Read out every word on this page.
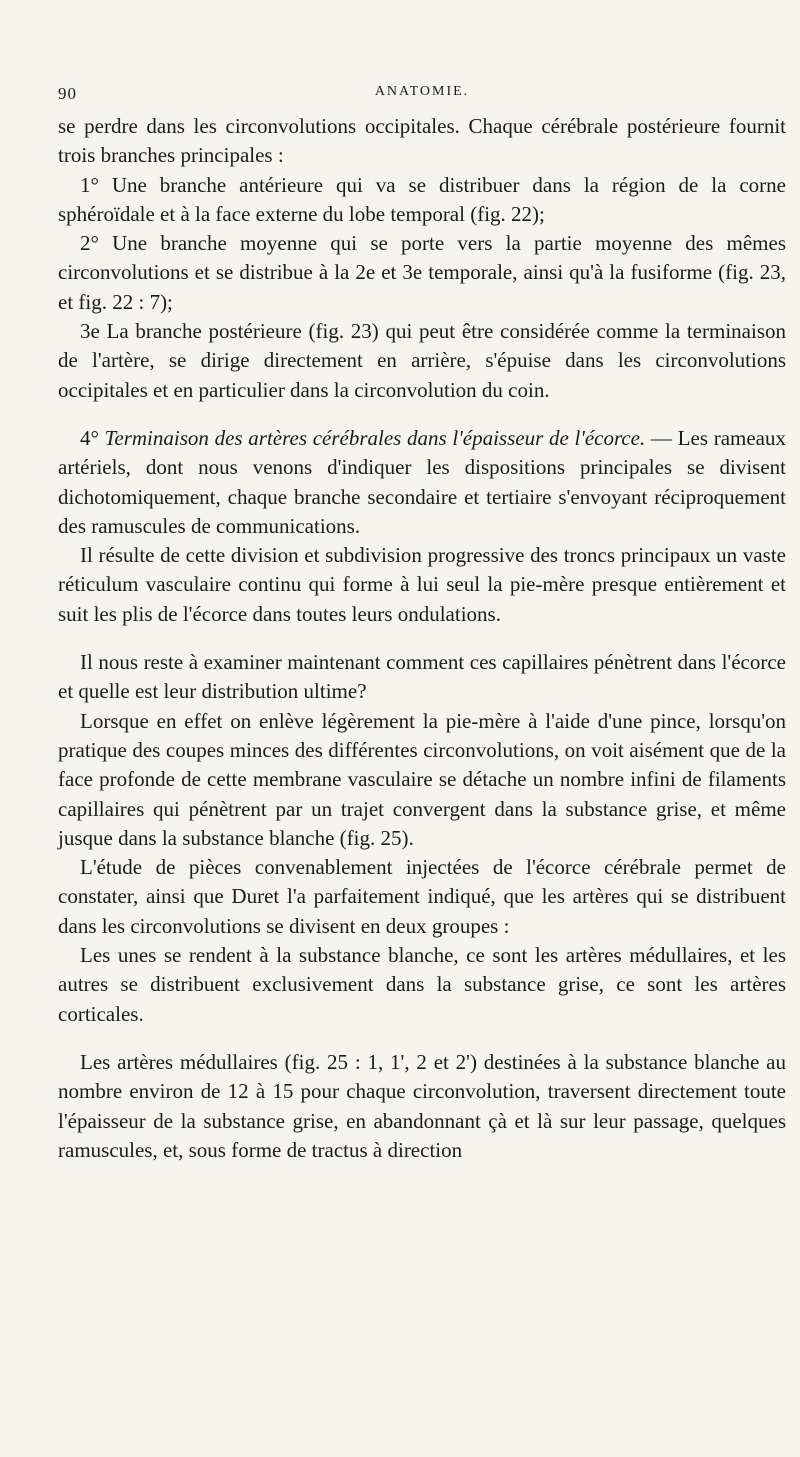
90	ANATOMIE.

se perdre dans les circonvolutions occipitales. Chaque cérébrale postérieure fournit trois branches principales :

1° Une branche antérieure qui va se distribuer dans la région de la corne sphéroïdale et à la face externe du lobe temporal (fig. 22);

2° Une branche moyenne qui se porte vers la partie moyenne des mêmes circonvolutions et se distribue à la 2e et 3e temporale, ainsi qu'à la fusiforme (fig. 23, et fig. 22 : 7);

3e La branche postérieure (fig. 23) qui peut être considérée comme la terminaison de l'artère, se dirige directement en arrière, s'épuise dans les circonvolutions occipitales et en particulier dans la circonvolution du coin.

4° Terminaison des artères cérébrales dans l'épaisseur de l'écorce. — Les rameaux artériels, dont nous venons d'indiquer les dispositions principales se divisent dichotomiquement, chaque branche secondaire et tertiaire s'envoyant réciproquement des ramuscules de communications.

Il résulte de cette division et subdivision progressive des troncs principaux un vaste réticulum vasculaire continu qui forme à lui seul la pie-mère presque entièrement et suit les plis de l'écorce dans toutes leurs ondulations.

Il nous reste à examiner maintenant comment ces capillaires pénètrent dans l'écorce et quelle est leur distribution ultime?

Lorsque en effet on enlève légèrement la pie-mère à l'aide d'une pince, lorsqu'on pratique des coupes minces des différentes circonvolutions, on voit aisément que de la face profonde de cette membrane vasculaire se détache un nombre infini de filaments capillaires qui pénètrent par un trajet convergent dans la substance grise, et même jusque dans la substance blanche (fig. 25).

L'étude de pièces convenablement injectées de l'écorce cérébrale permet de constater, ainsi que Duret l'a parfaitement indiqué, que les artères qui se distribuent dans les circonvolutions se divisent en deux groupes :

Les unes se rendent à la substance blanche, ce sont les artères médullaires, et les autres se distribuent exclusivement dans la substance grise, ce sont les artères corticales.

Les artères médullaires (fig. 25 : 1, 1', 2 et 2') destinées à la substance blanche au nombre environ de 12 à 15 pour chaque circonvolution, traversent directement toute l'épaisseur de la substance grise, en abandonnant çà et là sur leur passage, quelques ramuscules, et, sous forme de tractus à direction
